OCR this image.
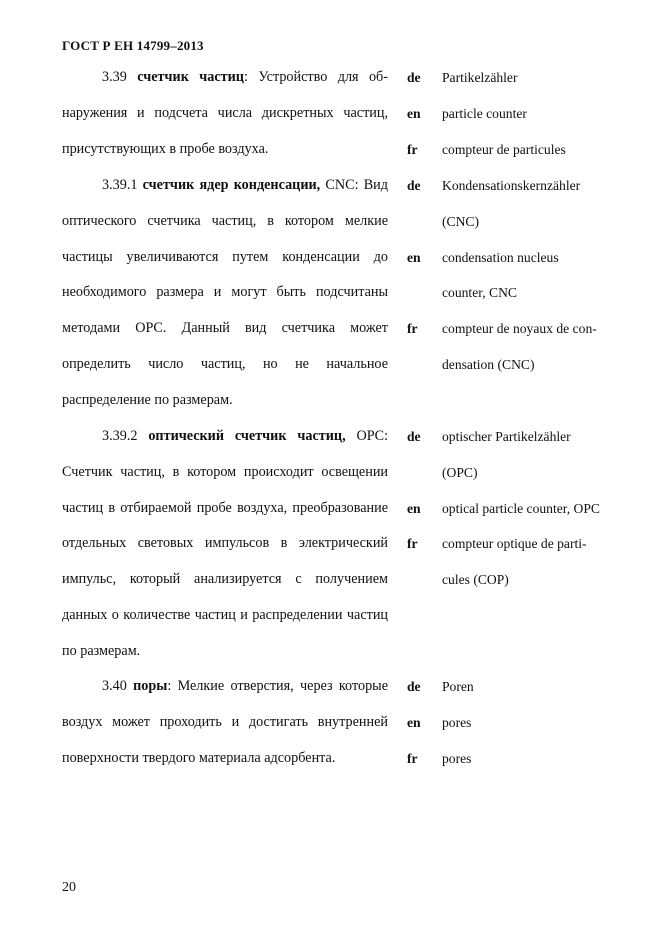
ГОСТ Р ЕН 14799–2013

3.39 счетчик частиц: Устройство для обнаружения и подсчета числа дискретных частиц, присутствующих в пробе воздуха.

de	Partikelzähler
en	particle counter
fr	compteur de particules

3.39.1 счетчик ядер конденсации, CNC: Вид оптического счетчика частиц, в котором мелкие частицы увеличиваются путем конденсации до необходимого размера и могут быть подсчитаны методами OPC. Данный вид счетчика может определить число частиц, но не начальное распределение по размерам.

de	Kondensationskernzähler
(CNC)
en	condensation nucleus
counter, CNC
fr	compteur de noyaux de con-
densation (CNC)

3.39.2 оптический счетчик частиц, OPC: Счетчик частиц, в котором происходит освещении частиц в отбираемой пробе воздуха, преобразование отдельных световых импульсов в электрический импульс, который анализируется с получением данных о количестве частиц и распределении частиц по размерам.

de	optischer Partikelzähler
(OPC)
en	optical particle counter, OPC
fr	compteur optique de parti-
cules (COP)

3.40 поры: Мелкие отверстия, через которые воздух может проходить и достигать внутренней поверхности твердого материала адсорбента.

de	Poren
en	pores
fr	pores
20
